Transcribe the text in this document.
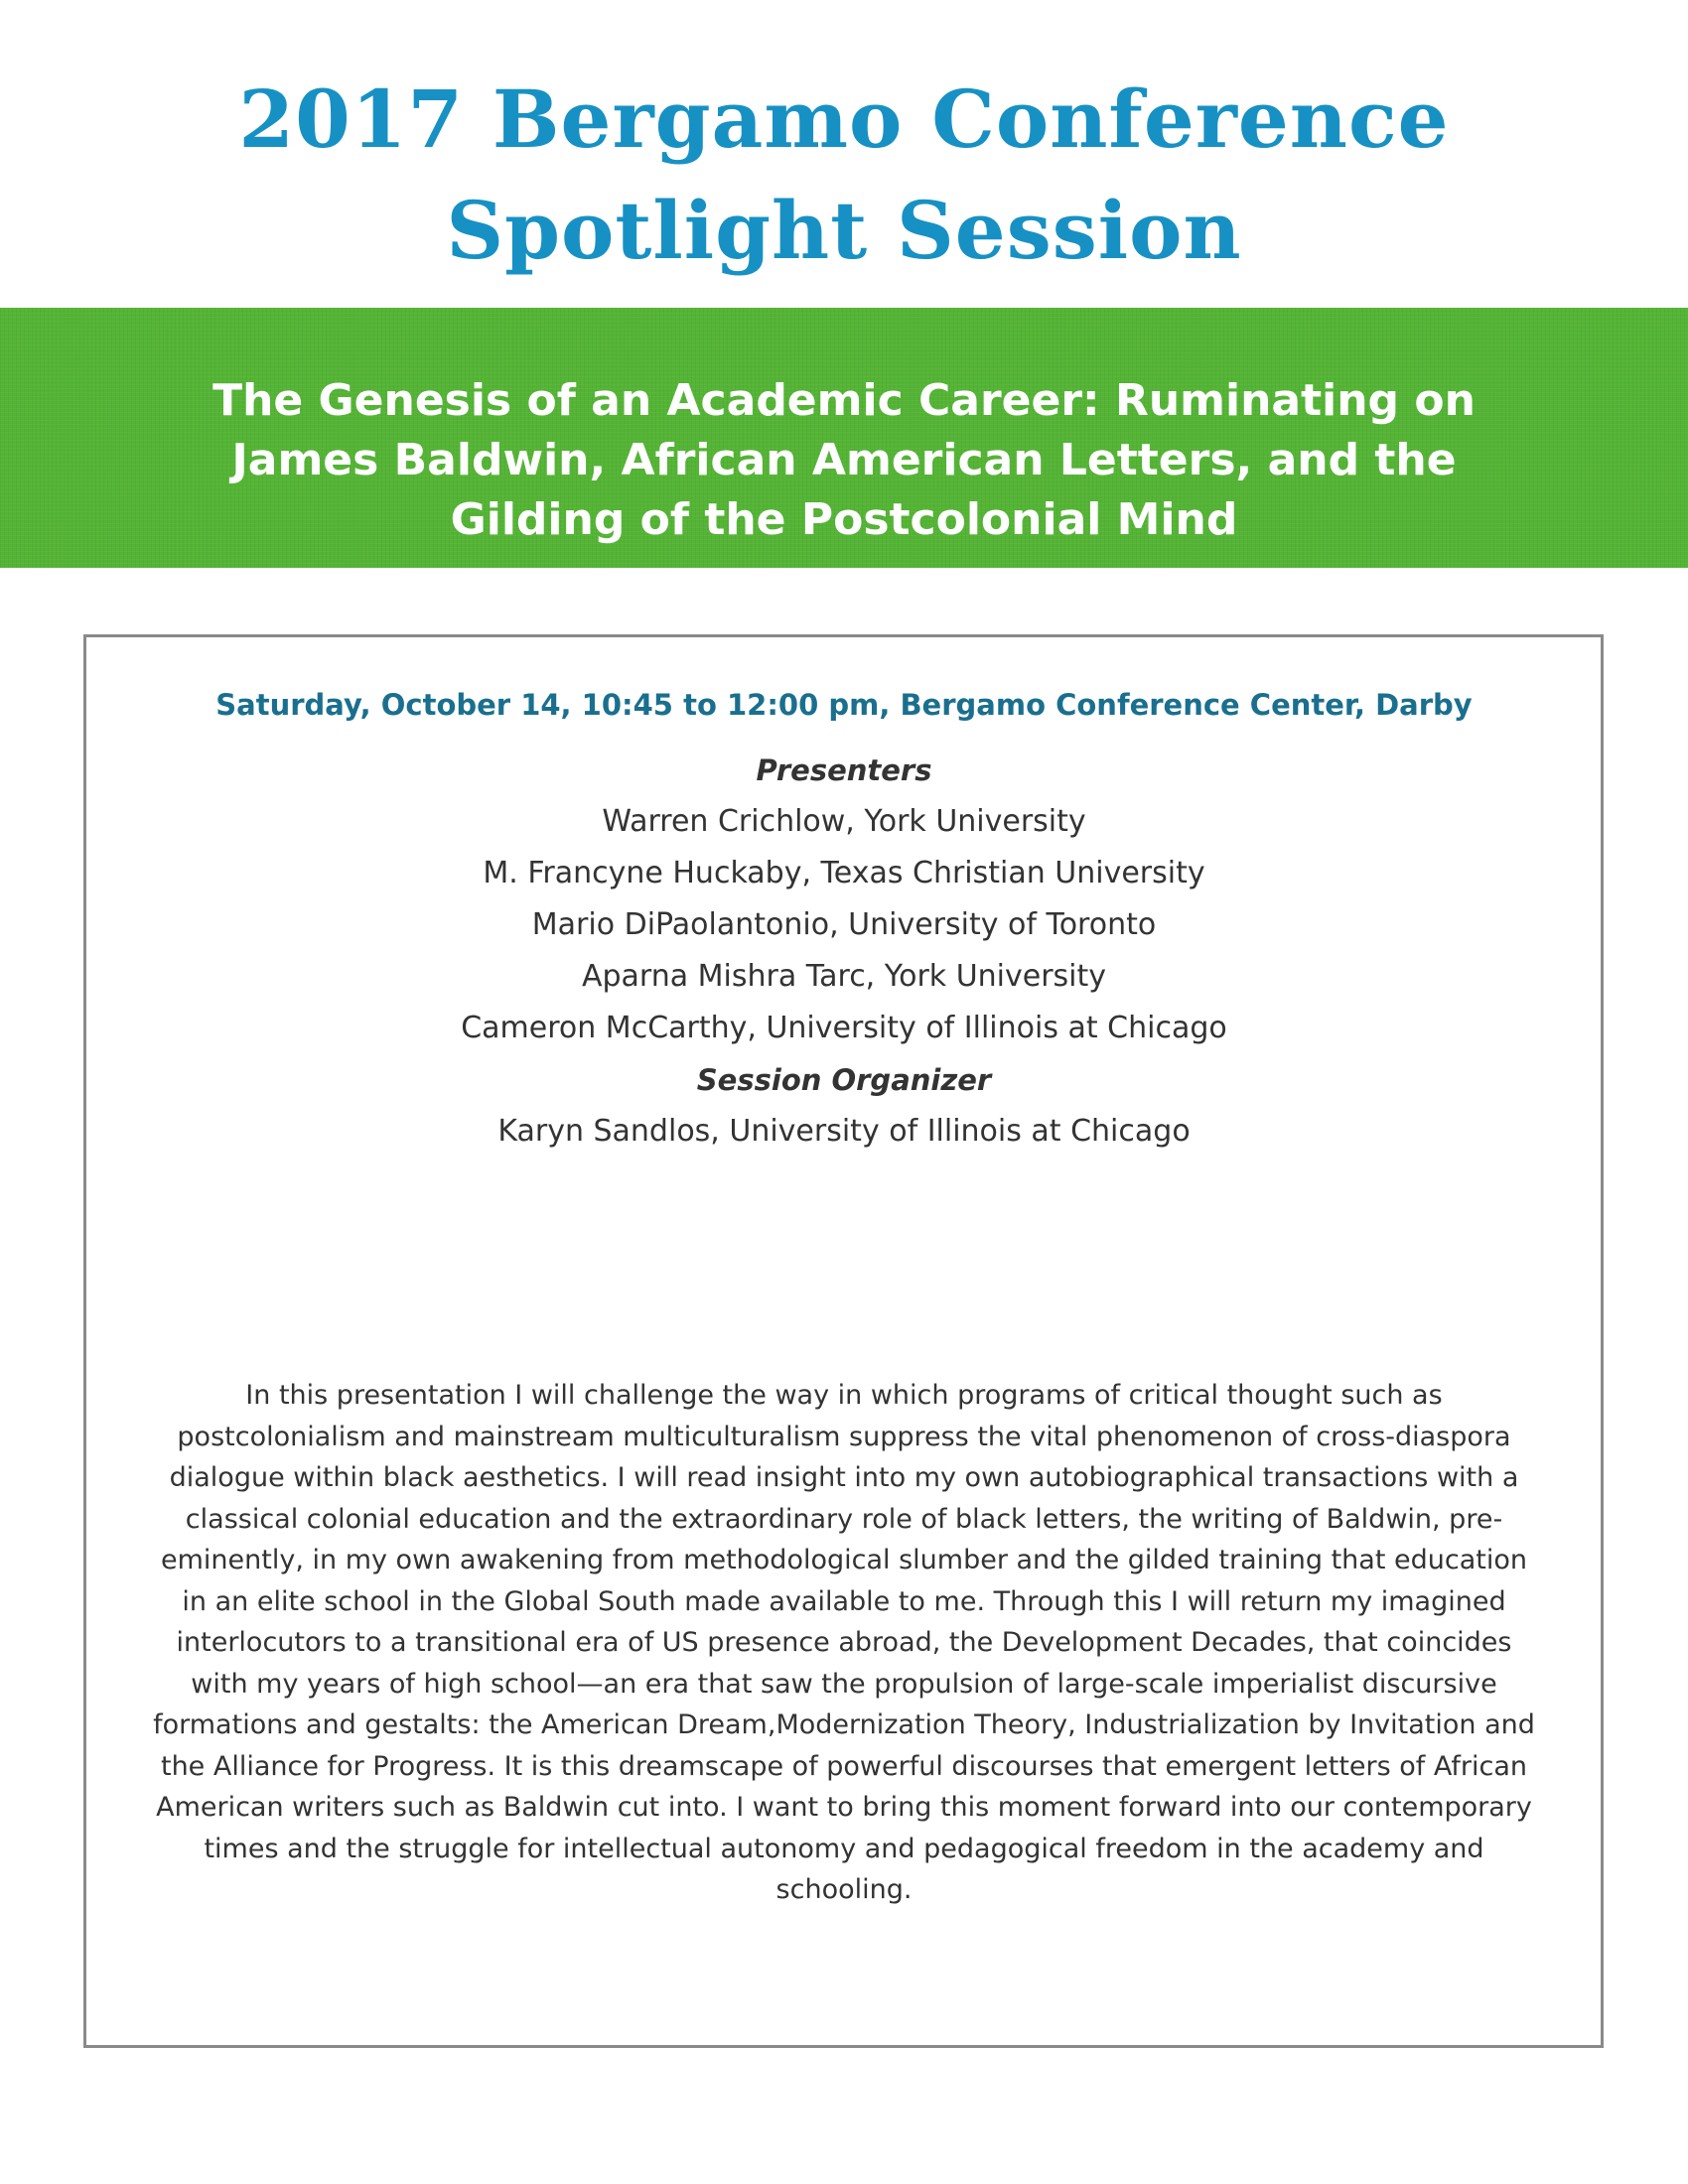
2017 Bergamo Conference
Spotlight Session
The Genesis of an Academic Career: Ruminating on
James Baldwin, African American Letters, and the
Gilding of the Postcolonial Mind
Saturday, October 14, 10:45 to 12:00 pm, Bergamo Conference Center, Darby
Presenters
Warren Crichlow, York University
M. Francyne Huckaby, Texas Christian University
Mario DiPaolantonio, University of Toronto
Aparna Mishra Tarc, York University
Cameron McCarthy, University of Illinois at Chicago
Session Organizer
Karyn Sandlos, University of Illinois at Chicago

In this presentation I will challenge the way in which programs of critical thought such as
postcolonialism and mainstream multiculturalism suppress the vital phenomenon of cross-diaspora
dialogue within black aesthetics. I will read insight into my own autobiographical transactions with a
classical colonial education and the extraordinary role of black letters, the writing of Baldwin, pre-
eminently, in my own awakening from methodological slumber and the gilded training that education
in an elite school in the Global South made available to me. Through this I will return my imagined
interlocutors to a transitional era of US presence abroad, the Development Decades, that coincides
with my years of high school—an era that saw the propulsion of large-scale imperialist discursive
formations and gestalts: the American Dream,Modernization Theory, Industrialization by Invitation and
the Alliance for Progress. It is this dreamscape of powerful discourses that emergent letters of African
American writers such as Baldwin cut into. I want to bring this moment forward into our contemporary
times and the struggle for intellectual autonomy and pedagogical freedom in the academy and
schooling.
